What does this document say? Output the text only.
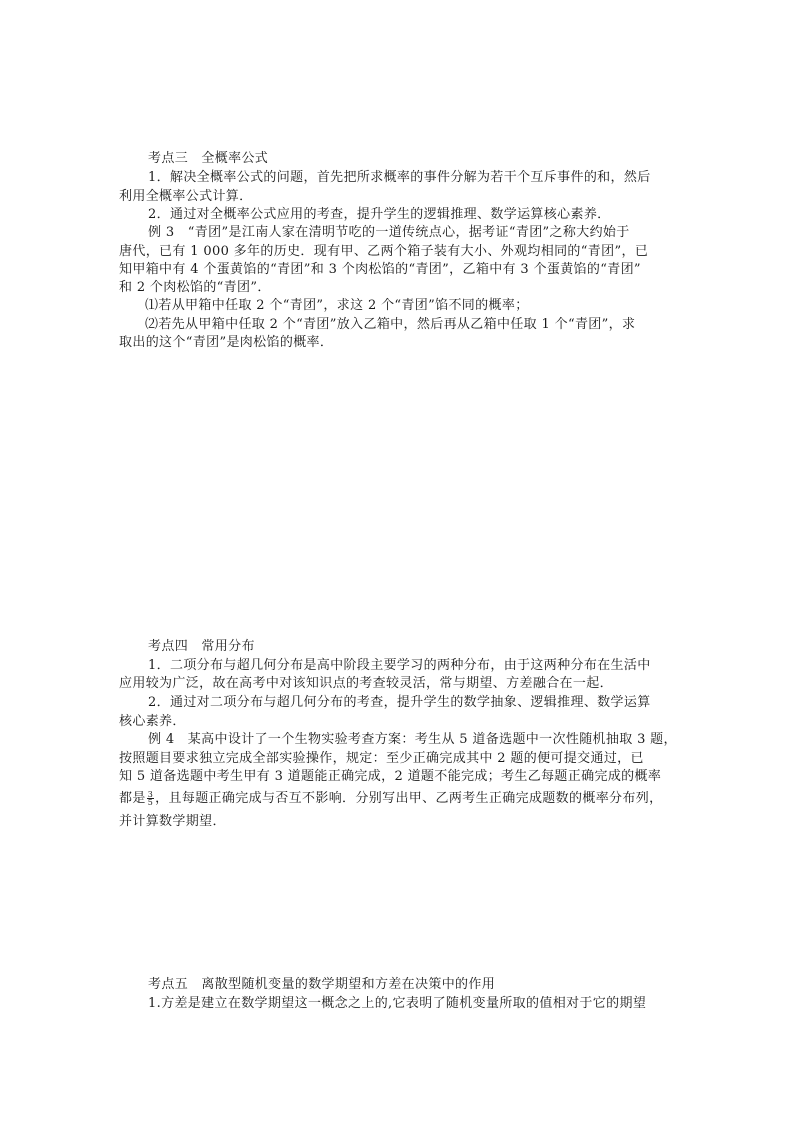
考点三　全概率公式
1．解决全概率公式的问题，首先把所求概率的事件分解为若干个互斥事件的和，然后
利用全概率公式计算．
2．通过对全概率公式应用的考查，提升学生的逻辑推理、数学运算核心素养．
例 3　“青团”是江南人家在清明节吃的一道传统点心，据考证“青团”之称大约始于
唐代，已有 1 000 多年的历史．现有甲、乙两个箱子装有大小、外观均相同的“青团”，已
知甲箱中有 4 个蛋黄馅的“青团”和 3 个肉松馅的“青团”，乙箱中有 3 个蛋黄馅的“青团”
和 2 个肉松馅的“青团”．
⑴若从甲箱中任取 2 个“青团”，求这 2 个“青团”馅不同的概率；
⑵若先从甲箱中任取 2 个“青团”放入乙箱中，然后再从乙箱中任取 1 个“青团”，求
取出的这个“青团”是肉松馅的概率．
考点四　常用分布
1．二项分布与超几何分布是高中阶段主要学习的两种分布，由于这两种分布在生活中
应用较为广泛，故在高考中对该知识点的考查较灵活，常与期望、方差融合在一起．
2．通过对二项分布与超几何分布的考查，提升学生的数学抽象、逻辑推理、数学运算
核心素养．
例 4　某高中设计了一个生物实验考查方案：考生从 5 道备选题中一次性随机抽取 3 题，
按照题目要求独立完成全部实验操作，规定：至少正确完成其中 2 题的便可提交通过，已
知 5 道备选题中考生甲有 3 道题能正确完成，2 道题不能完成；考生乙每题正确完成的概率
都是 $\frac{3}{5}$ ，且每题正确完成与否互不影响．分别写出甲、乙两考生正确完成题数的概率分布列，
并计算数学期望．
考点五　离散型随机变量的数学期望和方差在决策中的作用
1.方差是建立在数学期望这一概念之上的,它表明了随机变量所取的值相对于它的期望
